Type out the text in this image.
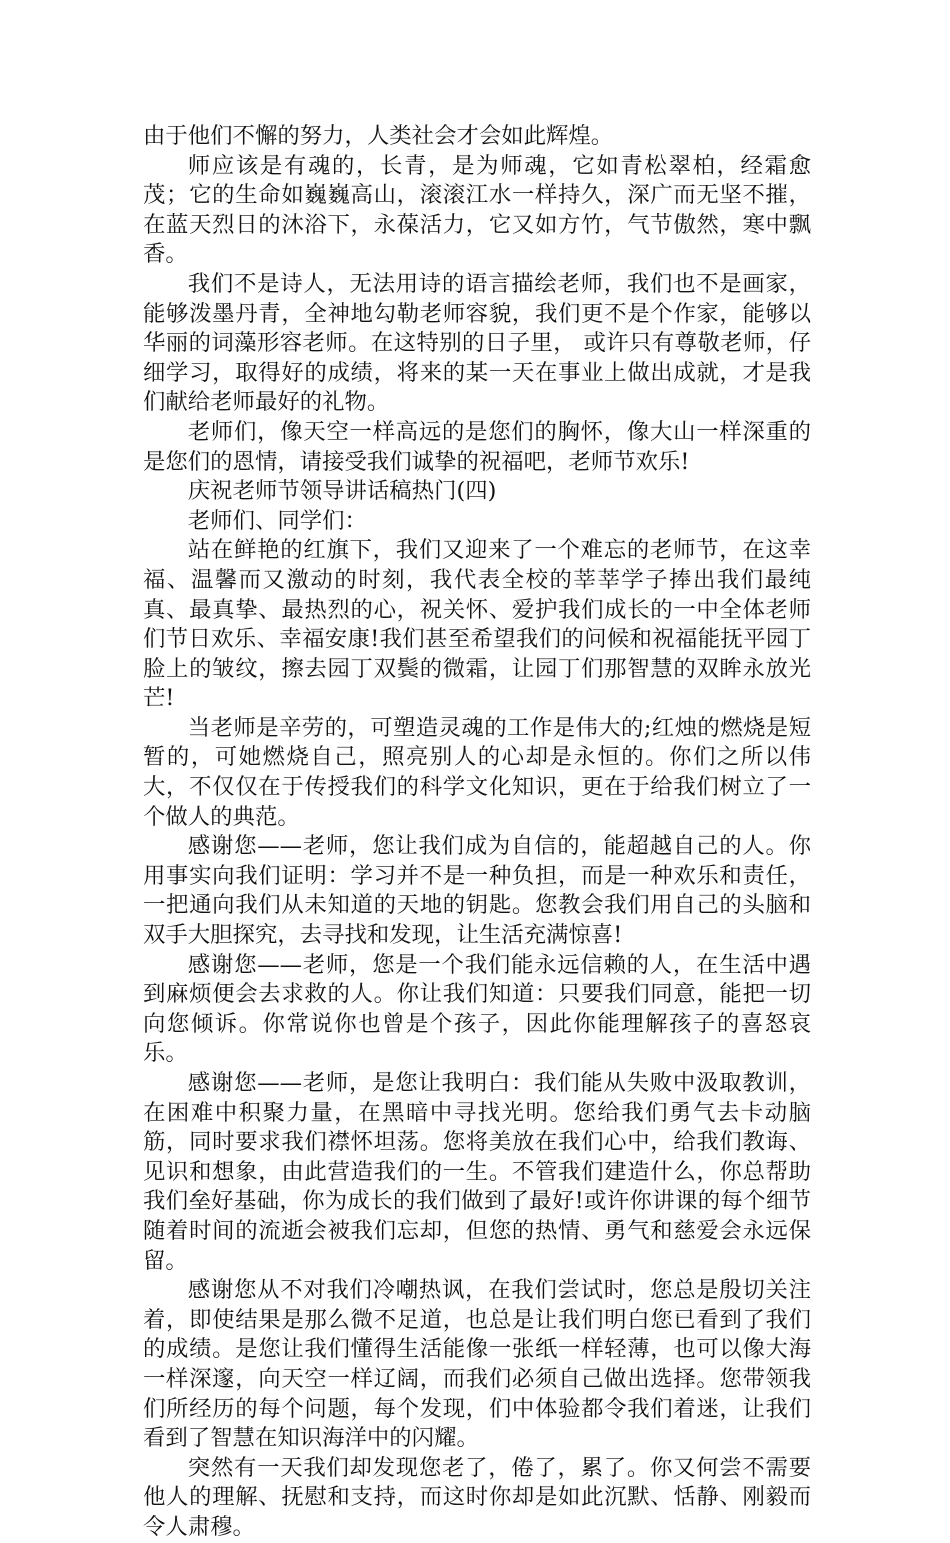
由于他们不懈的努力，人类社会才会如此辉煌。

师应该是有魂的，长青，是为师魂，它如青松翠柏，经霜愈茂；它的生命如巍巍高山，滚滚江水一样持久，深广而无坚不摧，在蓝天烈日的沐浴下，永葆活力，它又如方竹，气节傲然，寒中飘香。

我们不是诗人，无法用诗的语言描绘老师，我们也不是画家，能够泼墨丹青，全神地勾勒老师容貌，我们更不是个作家，能够以华丽的词藻形容老师。在这特别的日子里， 或许只有尊敬老师，仔细学习，取得好的成绩，将来的某一天在事业上做出成就，才是我们献给老师最好的礼物。

老师们，像天空一样高远的是您们的胸怀，像大山一样深重的是您们的恩情，请接受我们诚挚的祝福吧，老师节欢乐!

庆祝老师节领导讲话稿热门(四)

老师们、同学们：

站在鲜艳的红旗下，我们又迎来了一个难忘的老师节，在这幸福、温馨而又激动的时刻，我代表全校的莘莘学子捧出我们最纯真、最真挚、最热烈的心，祝关怀、爱护我们成长的一中全体老师们节日欢乐、幸福安康!我们甚至希望我们的问候和祝福能抚平园丁脸上的皱纹，擦去园丁双鬓的微霜，让园丁们那智慧的双眸永放光芒!

当老师是辛劳的，可塑造灵魂的工作是伟大的;红烛的燃烧是短暂的，可她燃烧自己，照亮别人的心却是永恒的。你们之所以伟大，不仅仅在于传授我们的科学文化知识，更在于给我们树立了一个做人的典范。

感谢您——老师，您让我们成为自信的，能超越自己的人。你用事实向我们证明：学习并不是一种负担，而是一种欢乐和责任，一把通向我们从未知道的天地的钥匙。您教会我们用自己的头脑和双手大胆探究，去寻找和发现，让生活充满惊喜!

感谢您——老师，您是一个我们能永远信赖的人，在生活中遇到麻烦便会去求救的人。你让我们知道：只要我们同意，能把一切向您倾诉。你常说你也曾是个孩子，因此你能理解孩子的喜怒哀乐。

感谢您——老师，是您让我明白：我们能从失败中汲取教训，在困难中积聚力量，在黑暗中寻找光明。您给我们勇气去卡动脑筋，同时要求我们襟怀坦荡。您将美放在我们心中，给我们教诲、见识和想象，由此营造我们的一生。不管我们建造什么，你总帮助我们垒好基础，你为成长的我们做到了最好!或许你讲课的每个细节随着时间的流逝会被我们忘却，但您的热情、勇气和慈爱会永远保留。

感谢您从不对我们冷嘲热讽，在我们尝试时，您总是殷切关注着，即使结果是那么微不足道，也总是让我们明白您已看到了我们的成绩。是您让我们懂得生活能像一张纸一样轻薄，也可以像大海一样深邃，向天空一样辽阔，而我们必须自己做出选择。您带领我们所经历的每个问题，每个发现，们中体验都令我们着迷，让我们看到了智慧在知识海洋中的闪耀。

突然有一天我们却发现您老了，倦了，累了。你又何尝不需要他人的理解、抚慰和支持，而这时你却是如此沉默、恬静、刚毅而令人肃穆。
